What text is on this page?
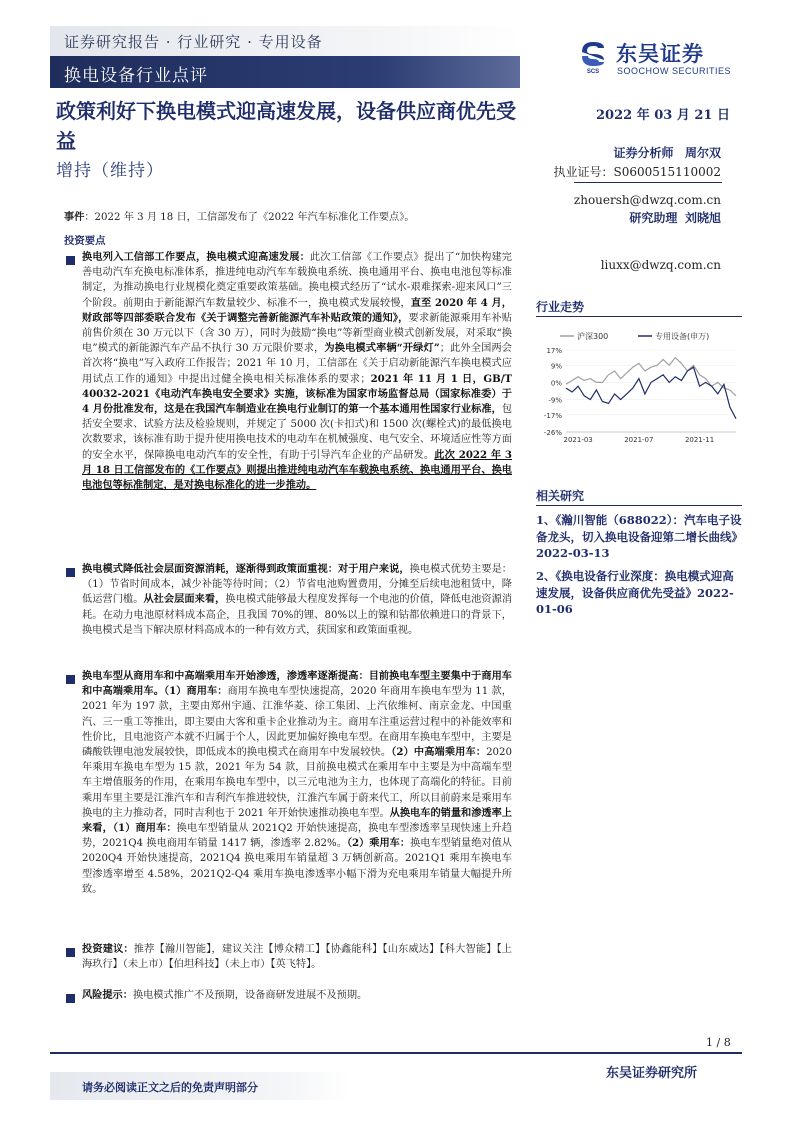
证券研究报告 · 行业研究 · 专用设备
换电设备行业点评	SCS
东吴证券
SOOCHOW SECURITIES
政策利好下换电模式迎高速发展，设备供应商优先受益
增持（维持）
2022 年 03 月 21 日
证券分析师 周尔双
执业证号：S0600515110002
zhouersh@dwzq.com.cn
研究助理 刘晓旭
liuxx@dwzq.com.cn
事件：2022 年 3 月 18 日，工信部发布了《2022 年汽车标准化工作要点》。
投资要点
换电列入工信部工作要点，换电模式迎高速发展：此次工信部《工作要点》提出了“加快构建完善电动汽车充换电标准体系，推进纯电动汽车车载换电系统、换电通用平台、换电电池包等标准制定，为推动换电行业规模化奠定重要政策基础。换电模式经历了“试水-艰难探索-迎来风口”三个阶段。前期由于新能源汽车数量较少、标准不一，换电模式发展较慢，直至 2020 年 4 月，财政部等四部委联合发布《关于调整完善新能源汽车补贴政策的通知》，要求新能源乘用车补贴前售价须在 30 万元以下（含 30 万），同时为鼓励“换电”等新型商业模式创新发展，对采取“换电”模式的新能源汽车产品不执行 30 万元限价要求，为换电模式率辆“开绿灯”；此外全国两会首次将“换电”写入政府工作报告；2021 年 10 月，工信部在《关于启动新能源汽车换电模式应用试点工作的通知》中提出过健全换电相关标准体系的要求；2021 年 11 月 1 日，GB/T 40032-2021《电动汽车换电安全要求》实施，该标准为国家市场监督总局（国家标准委）于 4 月份批准发布，这是在我国汽车制造业在换电行业制订的第一个基本通用性国家行业标准，包括安全要求、试验方法及检验规则，并规定了 5000 次(卡扣式)和 1500 次(螺栓式)的最低换电次数要求，该标准有助于提升使用换电技术的电动车在机械强度、电气安全、环境适应性等方面的安全水平，保障换电电动汽车的安全性，有助于引导汽车企业的产品研发。此次 2022 年 3 月 18 日工信部发布的《工作要点》则提出推进纯电动汽车车载换电系统、换电通用平台、换电电池包等标准制定，是对换电标准化的进一步推动。
换电模式降低社会层面资源消耗，逐渐得到政策面重视：对于用户来说，换电模式优势主要是：（1）节省时间成本，减少补能等待时间；（2）节省电池购置费用，分摊至后续电池租赁中，降低运营门槛。从社会层面来看，换电模式能够最大程度发挥每一个电池的价值，降低电池资源消耗。在动力电池原材料成本高企，且我国 70%的锂、80%以上的镍和钴都依赖进口的背景下，换电模式是当下解决原材料高成本的一种有效方式，获国家和政策面重视。
换电车型从商用车和中高端乘用车开始渗透，渗透率逐渐提高：目前换电车型主要集中于商用车和中高端乘用车。（1）商用车：商用车换电车型快速提高，2020 年商用车换电车型为 11 款，2021 年为 197 款，主要由郑州宇通、江淮华菱、徐工集团、上汽依维柯、南京金龙、中国重汽、三一重工等推出，即主要由大客和重卡企业推动为主。商用车注重运营过程中的补能效率和性价比，且电池资产本就不归属于个人，因此更加偏好换电车型。在商用车换电车型中，主要是磷酸铁锂电池发展较快，即低成本的换电模式在商用车中发展较快。（2）中高端乘用车：2020 年乘用车换电车型为 15 款，2021 年为 54 款，目前换电模式在乘用车中主要是为中高端车型车主增值服务的作用，在乘用车换电车型中，以三元电池为主力，也体现了高端化的特征。目前乘用车里主要是江淮汽车和吉利汽车推进较快，江淮汽车属于蔚来代工，所以目前蔚来是乘用车换电的主力推动者，同时吉利也于 2021 年开始快速推动换电车型。从换电车的销量和渗透率上来看，（1）商用车：换电车型销量从 2021Q2 开始快速提高，换电车型渗透率呈现快速上升趋势，2021Q4 换电商用车销量 1417 辆，渗透率 2.82%。（2）乘用车：换电车型销量绝对值从 2020Q4 开始快速提高，2021Q4 换电乘用车销量超 3 万辆创新高。2021Q1 乘用车换电车型渗透率增至 4.58%，2021Q2-Q4 乘用车换电渗透率小幅下滑为充电乘用车销量大幅提升所致。
投资建议：推荐【瀚川智能】，建议关注【博众精工】【协鑫能科】【山东威达】【科大智能】【上海玖行】（未上市）【伯坦科技】（未上市）【英飞特】。
风险提示：换电模式推广不及预期，设备商研发进展不及预期。
行业走势
沪深300	专用设备(申万)
17%
9%
0%
-9%
-17%
-26%
2021-03	2021-07	2021-11
相关研究
1、《瀚川智能（688022）：汽车电子设备龙头，切入换电设备迎第二增长曲线》2022-03-13
2、《换电设备行业深度：换电模式迎高速发展，设备供应商优先受益》2022-01-06
1 / 8
东吴证券研究所
请务必阅读正文之后的免责声明部分
